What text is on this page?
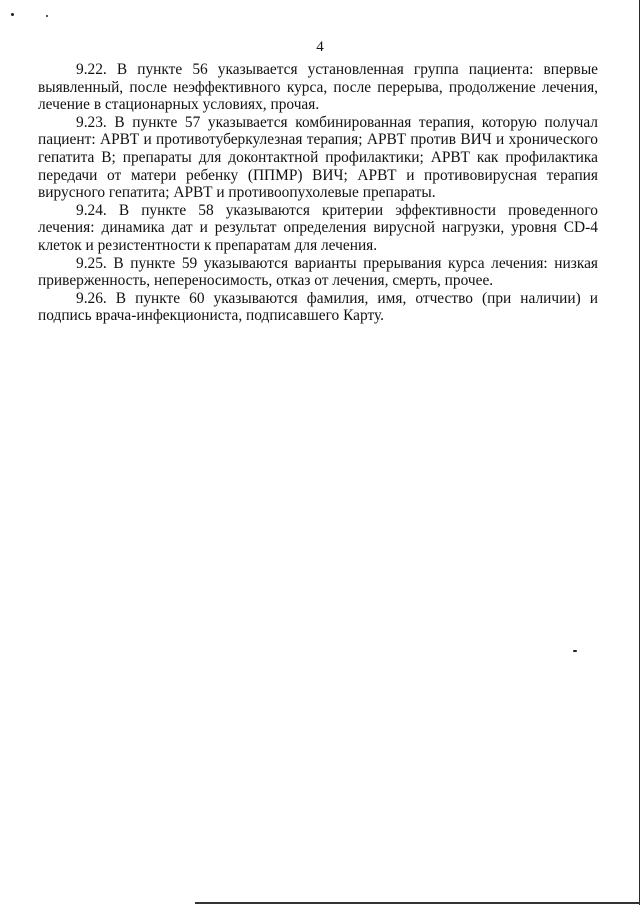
4

9.22. В пункте 56 указывается установленная группа пациента: впервые выявленный, после неэффективного курса, после перерыва, продолжение лечения, лечение в стационарных условиях, прочая.

9.23. В пункте 57 указывается комбинированная терапия, которую получал пациент: АРВТ и противотуберкулезная терапия; АРВТ против ВИЧ и хронического гепатита В; препараты для доконтактной профилактики; АРВТ как профилактика передачи от матери ребенку (ППМР) ВИЧ; АРВТ и противовирусная терапия вирусного гепатита; АРВТ и противоопухолевые препараты.

9.24. В пункте 58 указываются критерии эффективности проведенного лечения: динамика дат и результат определения вирусной нагрузки, уровня CD-4 клеток и резистентности к препаратам для лечения.

9.25. В пункте 59 указываются варианты прерывания курса лечения: низкая приверженность, непереносимость, отказ от лечения, смерть, прочее.

9.26. В пункте 60 указываются фамилия, имя, отчество (при наличии) и подпись врача-инфекциониста, подписавшего Карту.
